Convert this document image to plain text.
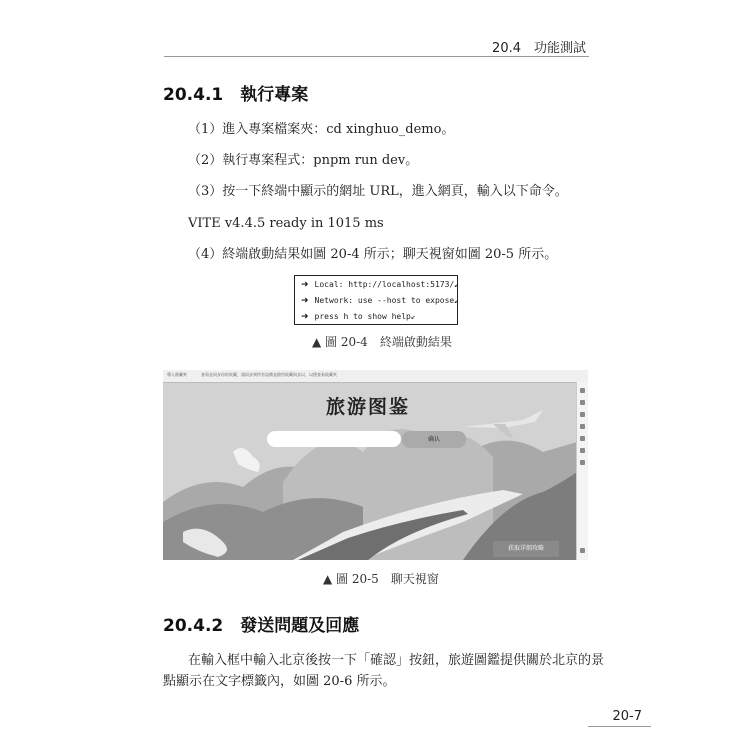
20.4　功能測試
20.4.1　執行專案
（1）進入專案檔案夾：cd xinghuo_demo。
（2）執行專案程式：pnpm run dev。
（3）按一下終端中顯示的網址 URL，進入網頁，輸入以下命令。
VITE v4.4.5 ready in 1015 ms
（4）終端啟動結果如圖 20-4 所示；聊天視窗如圖 20-5 所示。
➜ Local: http://localhost:5173/↙
➜ Network: use --host to expose↙
➜ press h to show help↙
▲ 圖 20-4　終端啟動結果
導入收藏夾	查看並同步你的收藏，請同步到所有設備並啟用收藏同步以，以便查看收藏夾
旅游图鉴
确认
获取详细攻略
▲ 圖 20-5　聊天視窗
20.4.2　發送問題及回應
在輸入框中輸入北京後按一下「確認」按鈕，旅遊圖鑑提供關於北京的景
點顯示在文字標籤內，如圖 20-6 所示。
20-7
